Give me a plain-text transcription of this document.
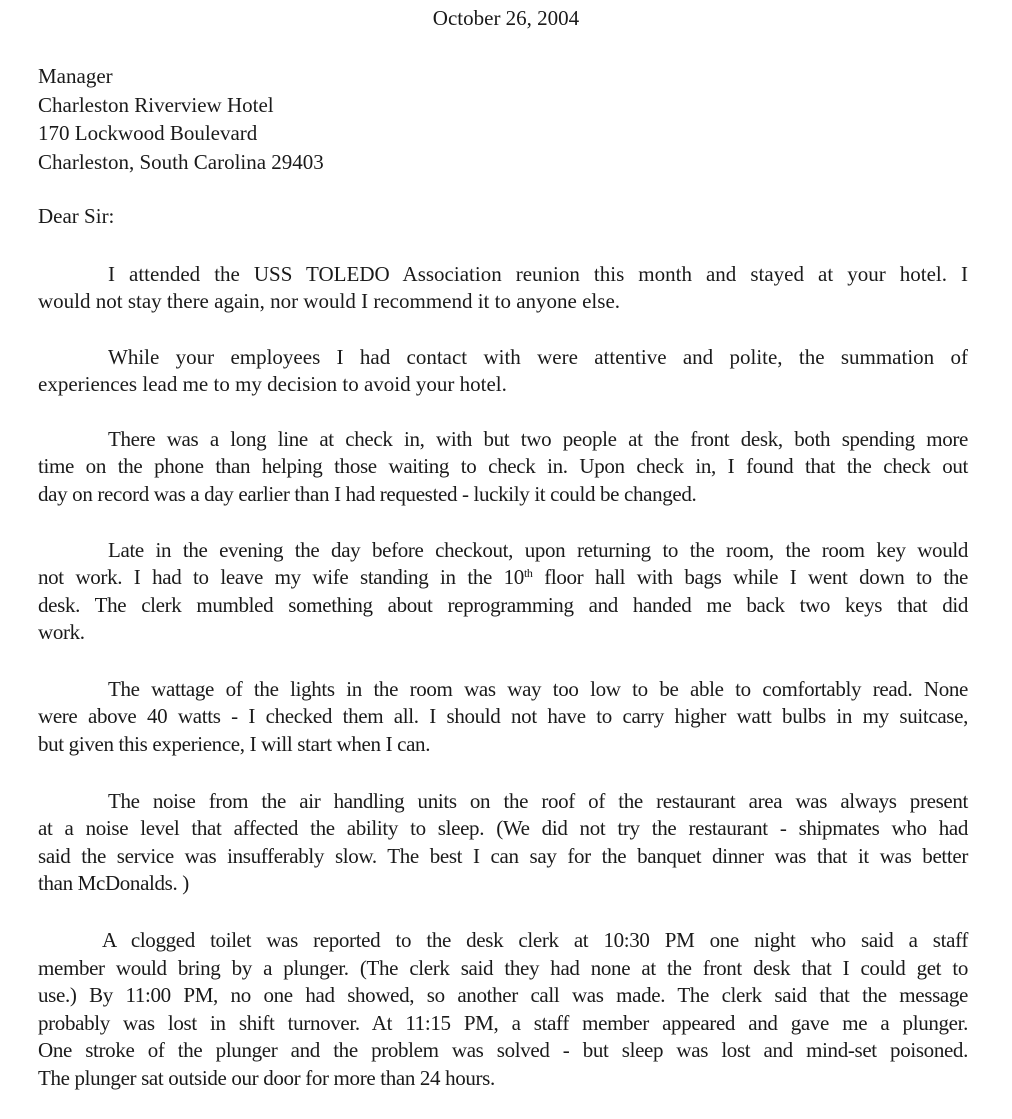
October 26, 2004
Manager
Charleston Riverview Hotel
170 Lockwood Boulevard
Charleston, South Carolina 29403
Dear Sir:
I attended the USS TOLEDO Association reunion this month and stayed at your hotel. I
would not stay there again, nor would I recommend it to anyone else.
While your employees I had contact with were attentive and polite, the summation of
experiences lead me to my decision to avoid your hotel.
There was a long line at check in, with but two people at the front desk, both spending more
time on the phone than helping those waiting to check in. Upon check in, I found that the check out
day on record was a day earlier than I had requested - luckily it could be changed.
Late in the evening the day before checkout, upon returning to the room, the room key would
not work. I had to leave my wife standing in the 10th floor hall with bags while I went down to the
desk. The clerk mumbled something about reprogramming and handed me back two keys that did
work.
The wattage of the lights in the room was way too low to be able to comfortably read. None
were above 40 watts - I checked them all. I should not have to carry higher watt bulbs in my suitcase,
but given this experience, I will start when I can.
The noise from the air handling units on the roof of the restaurant area was always present
at a noise level that affected the ability to sleep. (We did not try the restaurant - shipmates who had
said the service was insufferably slow. The best I can say for the banquet dinner was that it was better
than McDonalds. )
A clogged toilet was reported to the desk clerk at 10:30 PM one night who said a staff
member would bring by a plunger. (The clerk said they had none at the front desk that I could get to
use.) By 11:00 PM, no one had showed, so another call was made. The clerk said that the message
probably was lost in shift turnover. At 11:15 PM, a staff member appeared and gave me a plunger.
One stroke of the plunger and the problem was solved - but sleep was lost and mind-set poisoned.
The plunger sat outside our door for more than 24 hours.
